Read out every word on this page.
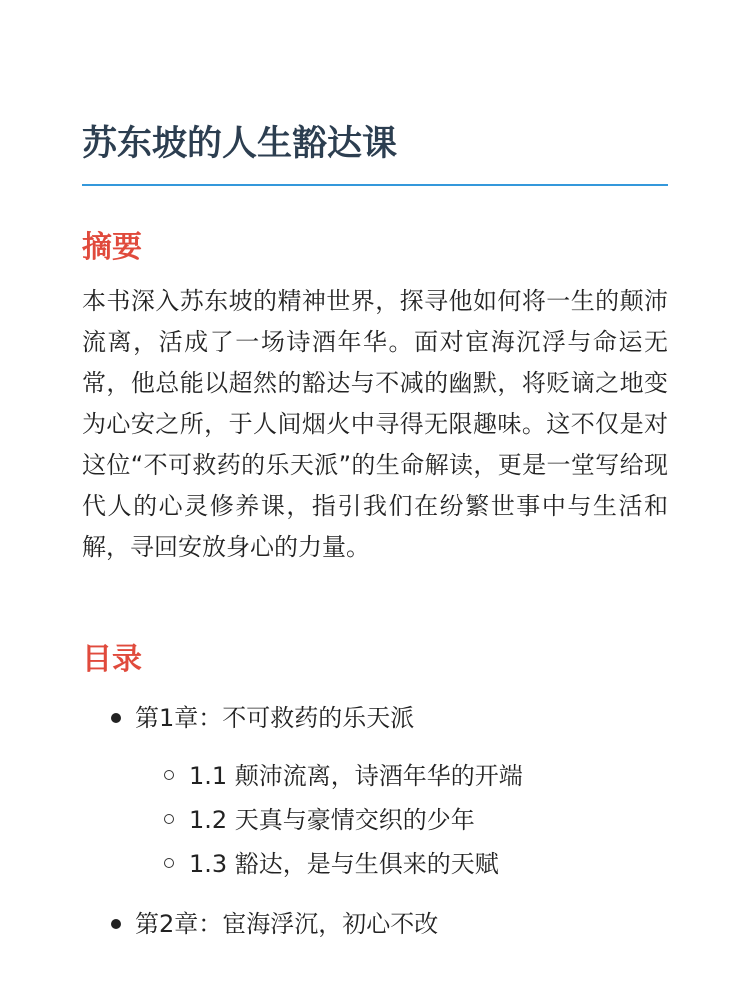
苏东坡的人生豁达课
摘要

本书深入苏东坡的精神世界，探寻他如何将一生的颠沛流离，活成了一场诗酒年华。面对宦海沉浮与命运无常，他总能以超然的豁达与不减的幽默，将贬谪之地变为心安之所，于人间烟火中寻得无限趣味。这不仅是对这位“不可救药的乐天派”的生命解读，更是一堂写给现代人的心灵修养课，指引我们在纷繁世事中与生活和解，寻回安放身心的力量。

目录
第1章：不可救药的乐天派
1.1 颠沛流离，诗酒年华的开端
1.2 天真与豪情交织的少年
1.3 豁达，是与生俱来的天赋
第2章：宦海浮沉，初心不改
